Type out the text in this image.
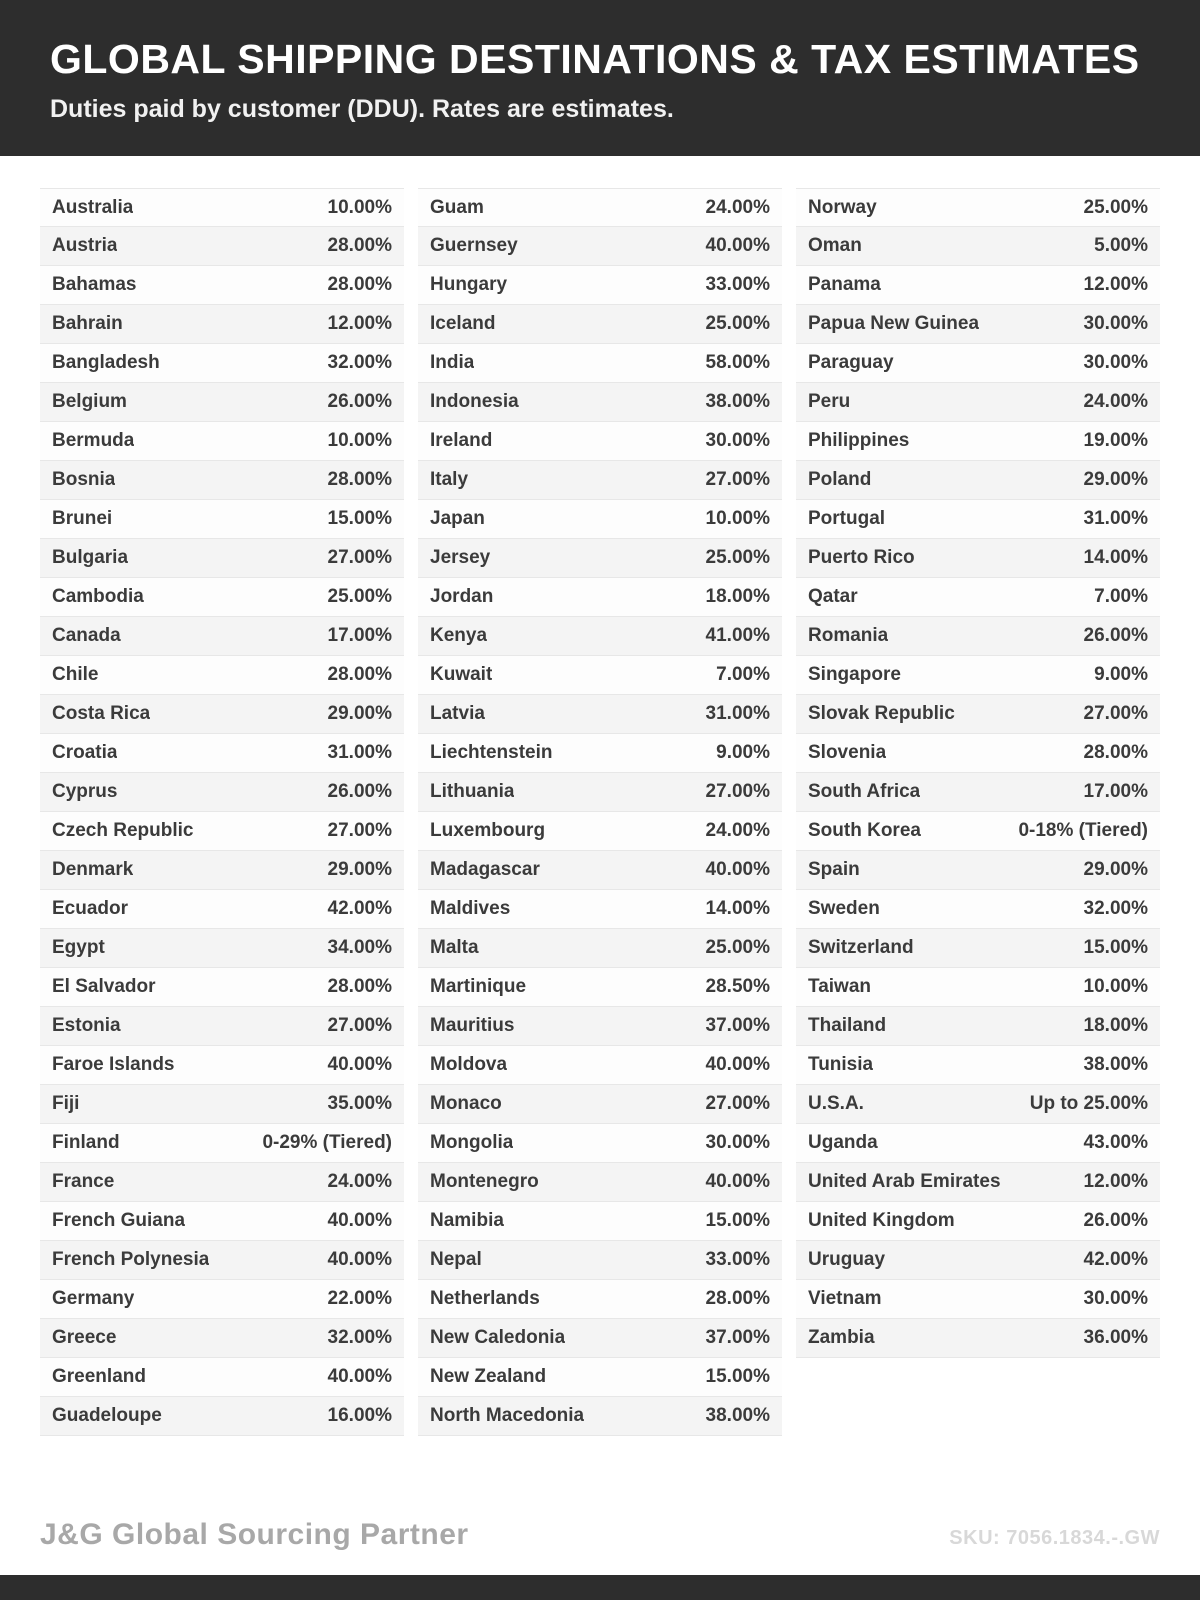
GLOBAL SHIPPING DESTINATIONS & TAX ESTIMATES
Duties paid by customer (DDU). Rates are estimates.
Australia	10.00%
Austria	28.00%
Bahamas	28.00%
Bahrain	12.00%
Bangladesh	32.00%
Belgium	26.00%
Bermuda	10.00%
Bosnia	28.00%
Brunei	15.00%
Bulgaria	27.00%
Cambodia	25.00%
Canada	17.00%
Chile	28.00%
Costa Rica	29.00%
Croatia	31.00%
Cyprus	26.00%
Czech Republic	27.00%
Denmark	29.00%
Ecuador	42.00%
Egypt	34.00%
El Salvador	28.00%
Estonia	27.00%
Faroe Islands	40.00%
Fiji	35.00%
Finland	0-29% (Tiered)
France	24.00%
French Guiana	40.00%
French Polynesia	40.00%
Germany	22.00%
Greece	32.00%
Greenland	40.00%
Guadeloupe	16.00%
Guam	24.00%
Guernsey	40.00%
Hungary	33.00%
Iceland	25.00%
India	58.00%
Indonesia	38.00%
Ireland	30.00%
Italy	27.00%
Japan	10.00%
Jersey	25.00%
Jordan	18.00%
Kenya	41.00%
Kuwait	7.00%
Latvia	31.00%
Liechtenstein	9.00%
Lithuania	27.00%
Luxembourg	24.00%
Madagascar	40.00%
Maldives	14.00%
Malta	25.00%
Martinique	28.50%
Mauritius	37.00%
Moldova	40.00%
Monaco	27.00%
Mongolia	30.00%
Montenegro	40.00%
Namibia	15.00%
Nepal	33.00%
Netherlands	28.00%
New Caledonia	37.00%
New Zealand	15.00%
North Macedonia	38.00%
Norway	25.00%
Oman	5.00%
Panama	12.00%
Papua New Guinea	30.00%
Paraguay	30.00%
Peru	24.00%
Philippines	19.00%
Poland	29.00%
Portugal	31.00%
Puerto Rico	14.00%
Qatar	7.00%
Romania	26.00%
Singapore	9.00%
Slovak Republic	27.00%
Slovenia	28.00%
South Africa	17.00%
South Korea	0-18% (Tiered)
Spain	29.00%
Sweden	32.00%
Switzerland	15.00%
Taiwan	10.00%
Thailand	18.00%
Tunisia	38.00%
U.S.A.	Up to 25.00%
Uganda	43.00%
United Arab Emirates	12.00%
United Kingdom	26.00%
Uruguay	42.00%
Vietnam	30.00%
Zambia	36.00%
J&G Global Sourcing Partner	SKU: 7056.1834.-.GW
